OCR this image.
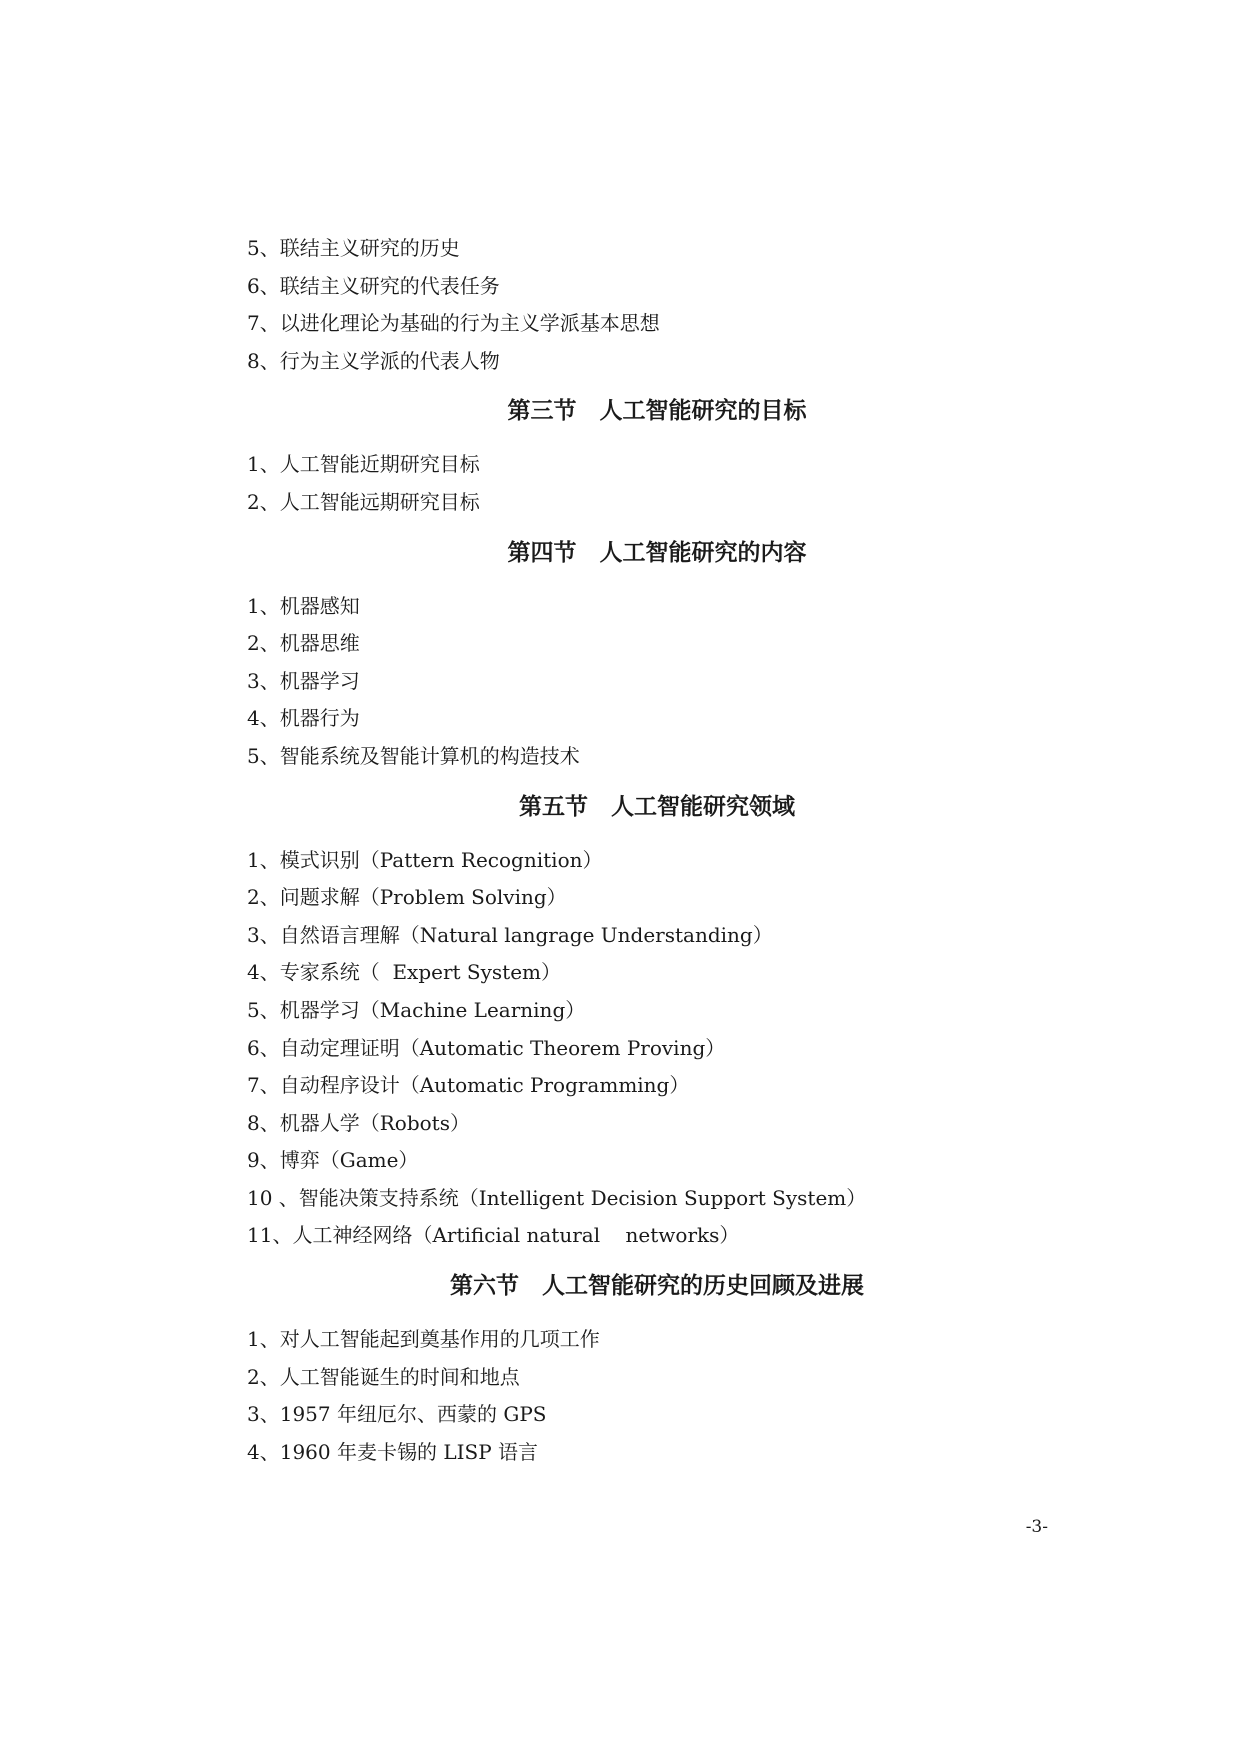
5、联结主义研究的历史
6、联结主义研究的代表任务
7、以进化理论为基础的行为主义学派基本思想
8、行为主义学派的代表人物
第三节　人工智能研究的目标
1、人工智能近期研究目标
2、人工智能远期研究目标
第四节　人工智能研究的内容
1、机器感知
2、机器思维
3、机器学习
4、机器行为
5、智能系统及智能计算机的构造技术
第五节　人工智能研究领域
1、模式识别（Pattern Recognition）
2、问题求解（Problem Solving）
3、自然语言理解（Natural langrage Understanding）
4、专家系统（  Expert System）
5、机器学习（Machine Learning）
6、自动定理证明（Automatic Theorem Proving）
7、自动程序设计（Automatic Programming）
8、机器人学（Robots）
9、博弈（Game）
10 、智能决策支持系统（Intelligent Decision Support System）
11、人工神经网络（Artificial natural    networks）
第六节　人工智能研究的历史回顾及进展
1、对人工智能起到奠基作用的几项工作
2、人工智能诞生的时间和地点
3、1957 年纽厄尔、西蒙的 GPS
4、1960 年麦卡锡的 LISP 语言
-3-
